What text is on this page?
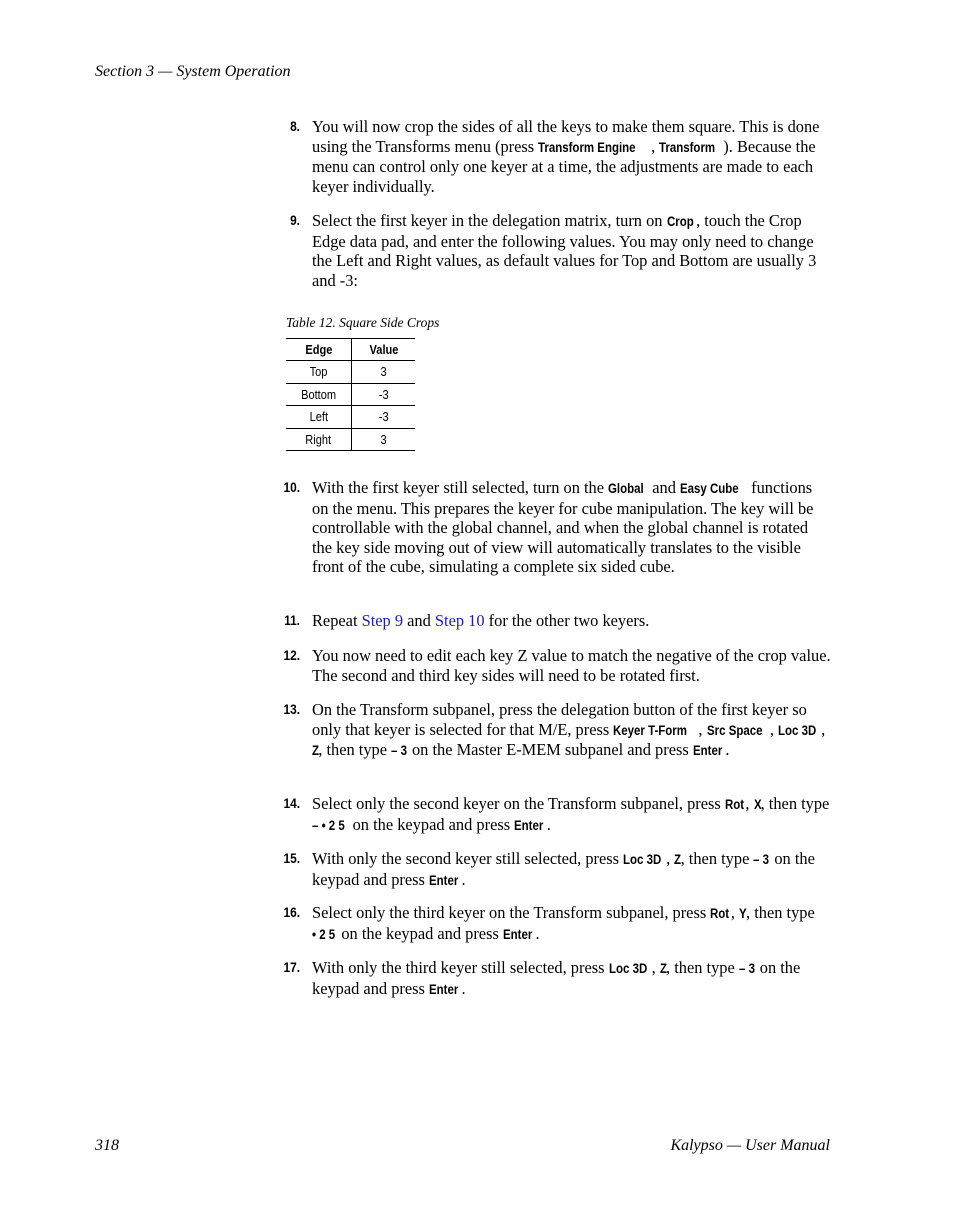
Section 3 — System Operation
8. You will now crop the sides of all the keys to make them square. This is done using the Transforms menu (press Transform Engine , Transform ). Because the menu can control only one keyer at a time, the adjustments are made to each keyer individually.
9. Select the first keyer in the delegation matrix, turn on Crop , touch the Crop Edge data pad, and enter the following values. You may only need to change the Left and Right values, as default values for Top and Bottom are usually 3 and -3:
Table 12. Square Side Crops
Edge	Value
Top	3
Bottom	-3
Left	-3
Right	3
10. With the first keyer still selected, turn on the Global and Easy Cube functions on the menu. This prepares the keyer for cube manipulation. The key will be controllable with the global channel, and when the global channel is rotated the key side moving out of view will automatically translates to the visible front of the cube, simulating a complete six sided cube.
11. Repeat Step 9 and Step 10 for the other two keyers.
12. You now need to edit each key Z value to match the negative of the crop value. The second and third key sides will need to be rotated first.
13. On the Transform subpanel, press the delegation button of the first keyer so only that keyer is selected for that M/E, press Keyer T-Form , Src Space , Loc 3D , Z, then type – 3 on the Master E-MEM subpanel and press Enter .
14. Select only the second keyer on the Transform subpanel, press Rot, X, then type – • 2 5 on the keypad and press Enter .
15. With only the second keyer still selected, press Loc 3D , Z, then type – 3 on the keypad and press Enter .
16. Select only the third keyer on the Transform subpanel, press Rot, Y, then type • 2 5 on the keypad and press Enter .
17. With only the third keyer still selected, press Loc 3D , Z, then type – 3 on the keypad and press Enter .
318	Kalypso — User Manual
